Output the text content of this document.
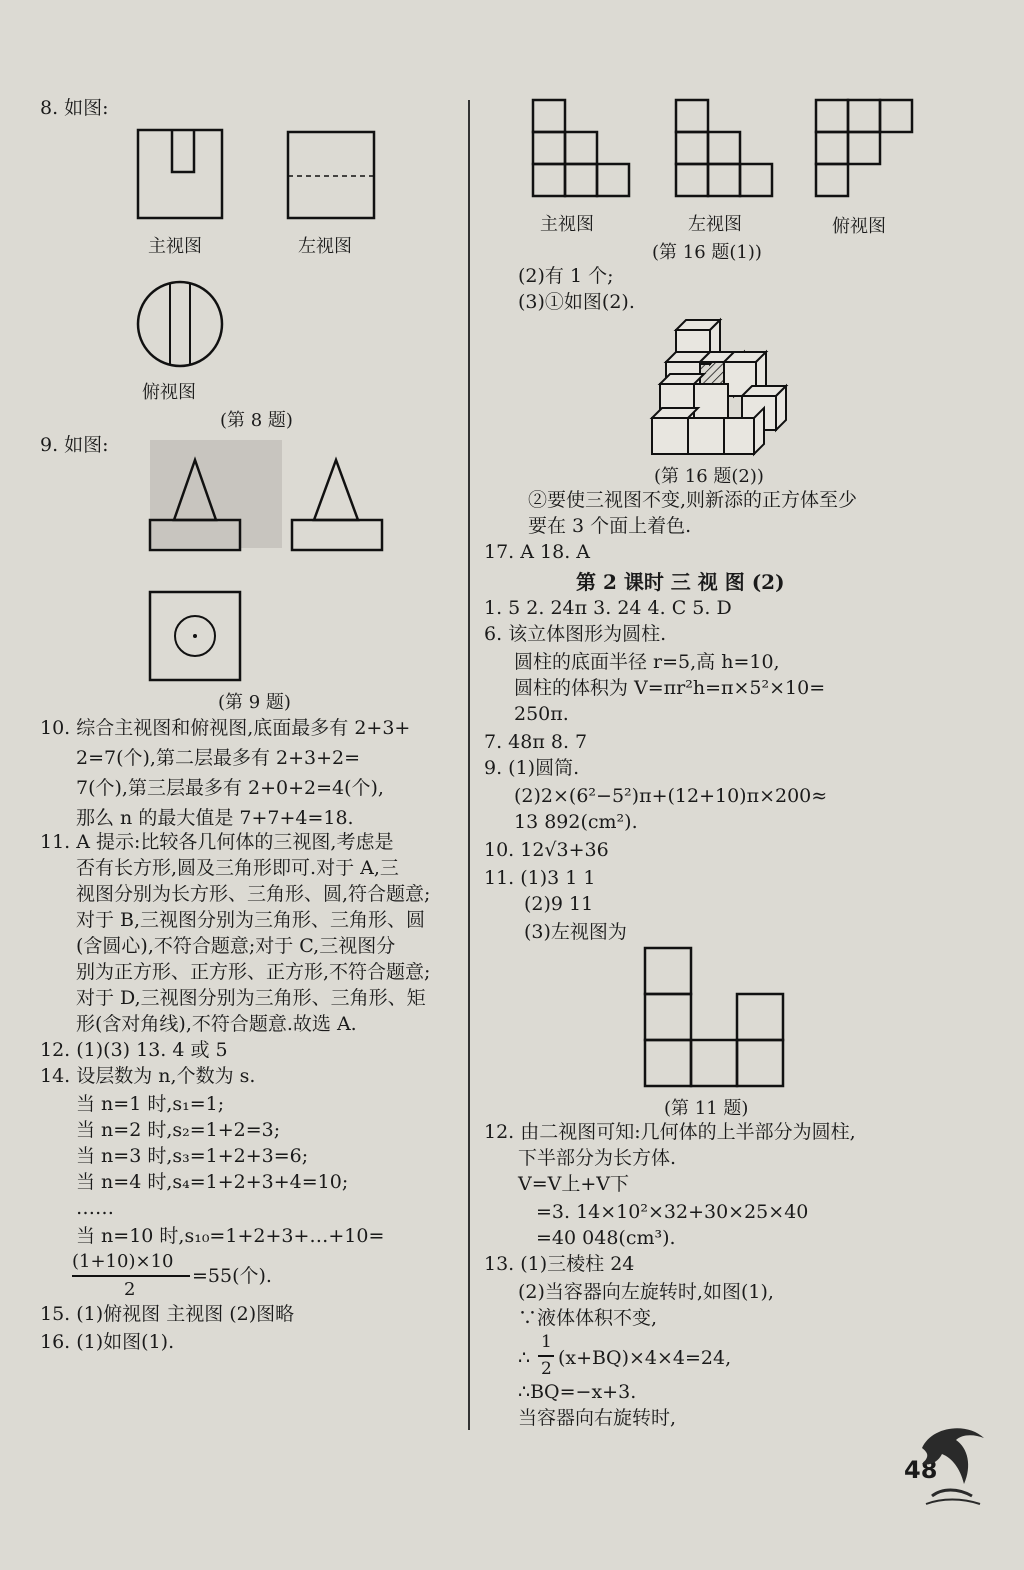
8. 如图:
主视图	左视图
俯视图
(第 8 题)
9. 如图:
(第 9 题)
10. 综合主视图和俯视图,底面最多有 2+3+
2=7(个),第二层最多有 2+3+2=
7(个),第三层最多有 2+0+2=4(个),
那么 n 的最大值是 7+7+4=18.
11. A 提示:比较各几何体的三视图,考虑是
否有长方形,圆及三角形即可.对于 A,三
视图分别为长方形、三角形、圆,符合题意;
对于 B,三视图分别为三角形、三角形、圆
(含圆心),不符合题意;对于 C,三视图分
别为正方形、正方形、正方形,不符合题意;
对于 D,三视图分别为三角形、三角形、矩
形(含对角线),不符合题意.故选 A.
12. (1)(3) 13. 4 或 5
14. 设层数为 n,个数为 s.
当 n=1 时,s₁=1;
当 n=2 时,s₂=1+2=3;
当 n=3 时,s₃=1+2+3=6;
当 n=4 时,s₄=1+2+3+4=10;
……
当 n=10 时,s₁₀=1+2+3+…+10=
(1+10)×10
2
=55(个).
15. (1)俯视图 主视图 (2)图略
16. (1)如图(1).
主视图	左视图	俯视图
(第 16 题(1))
(2)有 1 个;
(3)①如图(2).
(第 16 题(2))
②要使三视图不变,则新添的正方体至少
要在 3 个面上着色.
17. A 18. A
第 2 课时 三 视 图 (2)
1. 5 2. 24π 3. 24 4. C 5. D
6. 该立体图形为圆柱.
圆柱的底面半径 r=5,高 h=10,
圆柱的体积为 V=πr²h=π×5²×10=
250π.
7. 48π 8. 7
9. (1)圆筒.
(2)2×(6²−5²)π+(12+10)π×200≈
13 892(cm²).
10. 12√3+36
11. (1)3 1 1
(2)9 11
(3)左视图为
(第 11 题)
12. 由二视图可知:几何体的上半部分为圆柱,
下半部分为长方体.
V=V上+V下
=3. 14×10²×32+30×25×40
=40 048(cm³).
13. (1)三棱柱 24
(2)当容器向左旋转时,如图(1),
∵液体体积不变,
∴
1
2 (x+BQ)×4×4=24,
∴BQ=−x+3.
当容器向右旋转时,
48
